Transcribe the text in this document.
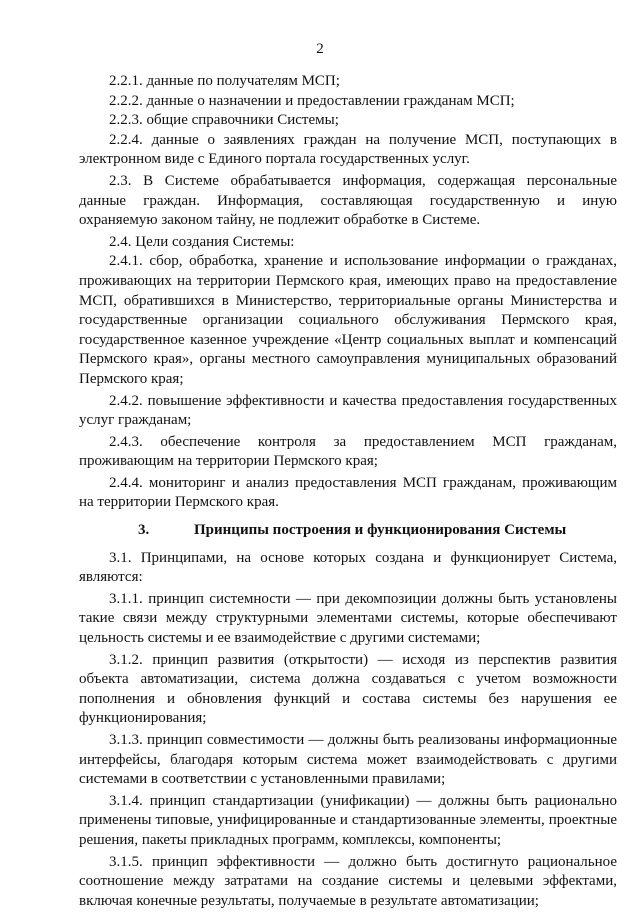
2

2.2.1. данные по получателям МСП;

2.2.2. данные о назначении и предоставлении гражданам МСП;

2.2.3. общие справочники Системы;

2.2.4. данные о заявлениях граждан на получение МСП, поступающих в электронном виде с Единого портала государственных услуг.

2.3. В Системе обрабатывается информация, содержащая персональные данные граждан. Информация, составляющая государственную и иную охраняемую законом тайну, не подлежит обработке в Системе.

2.4. Цели создания Системы:

2.4.1. сбор, обработка, хранение и использование информации о гражданах, проживающих на территории Пермского края, имеющих право на предоставление МСП, обратившихся в Министерство, территориальные органы Министерства и государственные организации социального обслуживания Пермского края, государственное казенное учреждение «Центр социальных выплат и компенсаций Пермского края», органы местного самоуправления муниципальных образований Пермского края;

2.4.2. повышение эффективности и качества предоставления государственных услуг гражданам;

2.4.3. обеспечение контроля за предоставлением МСП гражданам, проживающим на территории Пермского края;

2.4.4. мониторинг и анализ предоставления МСП гражданам, проживающим на территории Пермского края.

3.	Принципы построения и функционирования Системы

3.1. Принципами, на основе которых создана и функционирует Система, являются:

3.1.1. принцип системности — при декомпозиции должны быть установлены такие связи между структурными элементами системы, которые обеспечивают цельность системы и ее взаимодействие с другими системами;

3.1.2. принцип развития (открытости) — исходя из перспектив развития объекта автоматизации, система должна создаваться с учетом возможности пополнения и обновления функций и состава системы без нарушения ее функционирования;

3.1.3. принцип совместимости — должны быть реализованы информационные интерфейсы, благодаря которым система может взаимодействовать с другими системами в соответствии с установленными правилами;

3.1.4. принцип стандартизации (унификации) — должны быть рационально применены типовые, унифицированные и стандартизованные элементы, проектные решения, пакеты прикладных программ, комплексы, компоненты;

3.1.5. принцип эффективности — должно быть достигнуто рациональное соотношение между затратами на создание системы и целевыми эффектами, включая конечные результаты, получаемые в результате автоматизации;
